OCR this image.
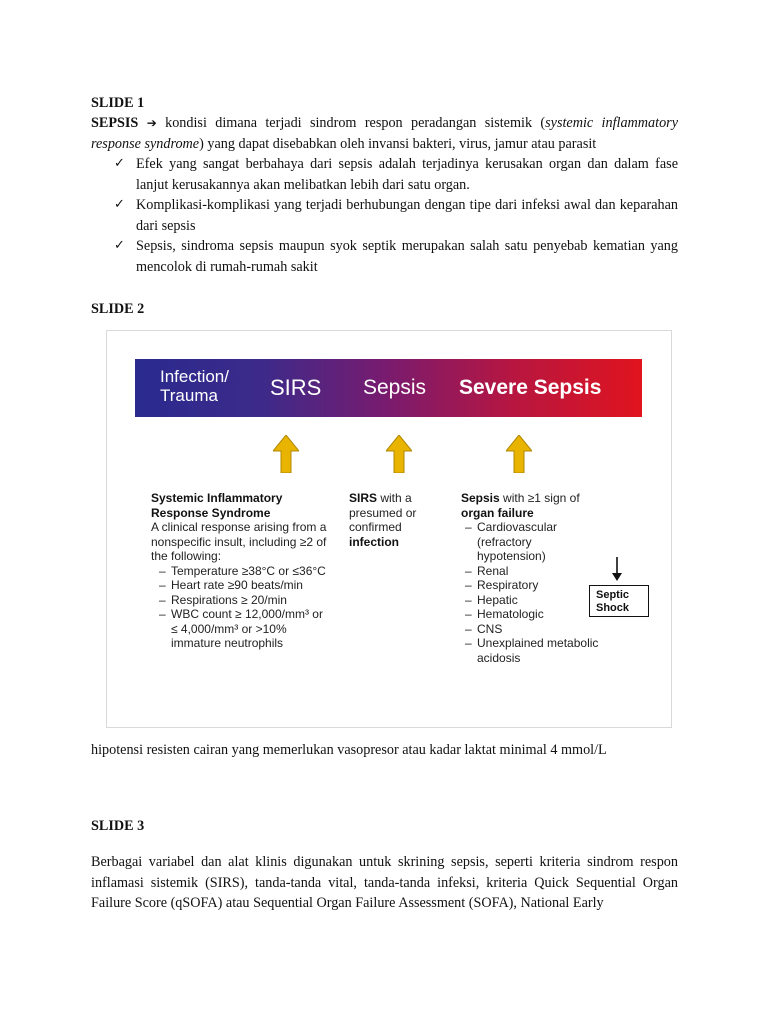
SLIDE 1

SEPSIS ➔ kondisi dimana terjadi sindrom respon peradangan sistemik (systemic inflammatory response syndrome) yang dapat disebabkan oleh invansi bakteri, virus, jamur atau parasit

✓ Efek yang sangat berbahaya dari sepsis adalah terjadinya kerusakan organ dan dalam fase lanjut kerusakannya akan melibatkan lebih dari satu organ.
✓ Komplikasi-komplikasi yang terjadi berhubungan dengan tipe dari infeksi awal dan keparahan dari sepsis
✓ Sepsis, sindroma sepsis maupun syok septik merupakan salah satu penyebab kematian yang mencolok di rumah-rumah sakit
SLIDE 2
Infection/
Trauma	SIRS Sepsis Severe Sepsis
Systemic Inflammatory Response Syndrome
A clinical response arising from a nonspecific insult, including ≥2 of the following:
– Temperature ≥38°C or ≤36°C
– Heart rate ≥90 beats/min
– Respirations ≥ 20/min
– WBC count ≥ 12,000/mm³ or ≤ 4,000/mm³ or >10% immature neutrophils
SIRS with a presumed or confirmed infection
Sepsis with ≥1 sign of
organ failure
– Cardiovascular (refractory hypotension)
– Renal
– Respiratory
– Hepatic
– Hematologic
– CNS
– Unexplained metabolic acidosis
Septic
Shock
hipotensi resisten cairan yang memerlukan vasopresor atau kadar laktat minimal 4 mmol/L
SLIDE 3

Berbagai variabel dan alat klinis digunakan untuk skrining sepsis, seperti kriteria sindrom respon inflamasi sistemik (SIRS), tanda-tanda vital, tanda-tanda infeksi, kriteria Quick Sequential Organ Failure Score (qSOFA) atau Sequential Organ Failure Assessment (SOFA), National Early
